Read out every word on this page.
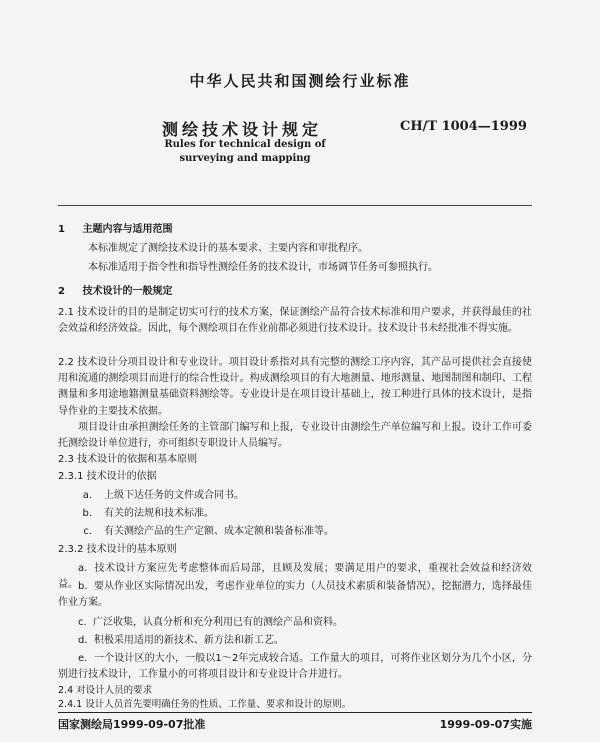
中华人民共和国测绘行业标准
测绘技术设计规定	CH/T 1004—1999
Rules for technical design of
surveying and mapping
1 主题内容与适用范围
本标准规定了测绘技术设计的基本要求、主要内容和审批程序。
本标准适用于指令性和指导性测绘任务的技术设计，市场调节任务可参照执行。
2 技术设计的一般规定
2.1 技术设计的目的是制定切实可行的技术方案，保证测绘产品符合技术标准和用户要求，并获得最佳的社会效益和经济效益。因此，每个测绘项目在作业前都必须进行技术设计。技术设计书未经批准不得实施。
2.2 技术设计分项目设计和专业设计。项目设计系指对具有完整的测绘工序内容，其产品可提供社会直接使用和流通的测绘项目而进行的综合性设计。构成测绘项目的有大地测量、地形测量、地图制图和制印、工程测量和多用途地籍测量基础资料测绘等。专业设计是在项目设计基础上，按工种进行具体的技术设计，是指导作业的主要技术依据。
项目设计由承担测绘任务的主管部门编写和上报，专业设计由测绘生产单位编写和上报。设计工作可委托测绘设计单位进行，亦可组织专职设计人员编写。
2.3 技术设计的依据和基本原则
2.3.1 技术设计的依据
a. 上级下达任务的文件或合同书。
b. 有关的法规和技术标准。
c. 有关测绘产品的生产定额、成本定额和装备标准等。
2.3.2 技术设计的基本原则
a. 技术设计方案应先考虑整体而后局部，且顾及发展；要满足用户的要求，重视社会效益和经济效益。 b. 要从作业区实际情况出发，考虑作业单位的实力（人员技术素质和装备情况），挖掘潜力，选择最佳作业方案。
c. 广泛收集，认真分析和充分利用已有的测绘产品和资料。
d. 积极采用适用的新技术、新方法和新工艺。
e. 一个设计区的大小，一般以1～2年完成较合适。工作量大的项目，可将作业区划分为几个小区，分别进行技术设计，工作量小的可将项目设计和专业设计合并进行。
2.4 对设计人员的要求
2.4.1 设计人员首先要明确任务的性质、工作量、要求和设计的原则。
国家测绘局1999-09-07批准	1999-09-07实施
